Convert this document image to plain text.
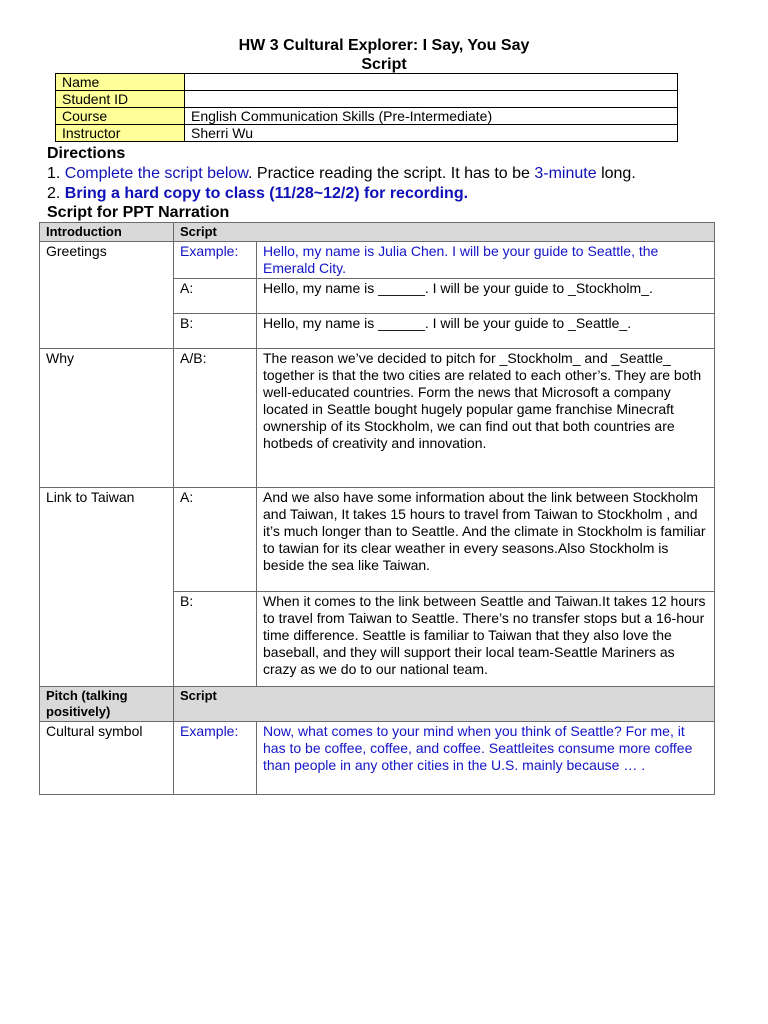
HW 3 Cultural Explorer: I Say, You Say
Script
Name	
Student ID	
Course	English Communication Skills (Pre-Intermediate)
Instructor	Sherri Wu
Directions
1. Complete the script below. Practice reading the script. It has to be 3-minute long.
2. Bring a hard copy to class (11/28~12/2) for recording.
Script for PPT Narration
Introduction	Script	
Greetings	Example:	Hello, my name is Julia Chen. I will be your guide to Seattle, the Emerald City.
	A:	Hello, my name is ______. I will be your guide to _Stockholm_.
	B:	Hello, my name is ______. I will be your guide to _Seattle_.
Why	A/B:	The reason we’ve decided to pitch for _Stockholm_ and _Seattle_ together is that the two cities are related to each other’s. They are both well-educated countries. Form the news that Microsoft a company located in Seattle bought hugely popular game franchise Minecraft ownership of its Stockholm, we can find out that both countries are hotbeds of creativity and innovation.
Link to Taiwan	A:	And we also have some information about the link between Stockholm and Taiwan, It takes 15 hours to travel from Taiwan to Stockholm , and it’s much longer than to Seattle. And the climate in Stockholm is familiar to tawian for its clear weather in every seasons.Also Stockholm is beside the sea like Taiwan.
	B:	When it comes to the link between Seattle and Taiwan.It takes 12 hours to travel from Taiwan to Seattle. There’s no transfer stops but a 16-hour time difference. Seattle is familiar to Taiwan that they also love the baseball, and they will support their local team-Seattle Mariners as crazy as we do to our national team.
Pitch (talking positively)	Script	
Cultural symbol	Example:	Now, what comes to your mind when you think of Seattle? For me, it has to be coffee, coffee, and coffee. Seattleites consume more coffee than people in any other cities in the U.S. mainly because … .
